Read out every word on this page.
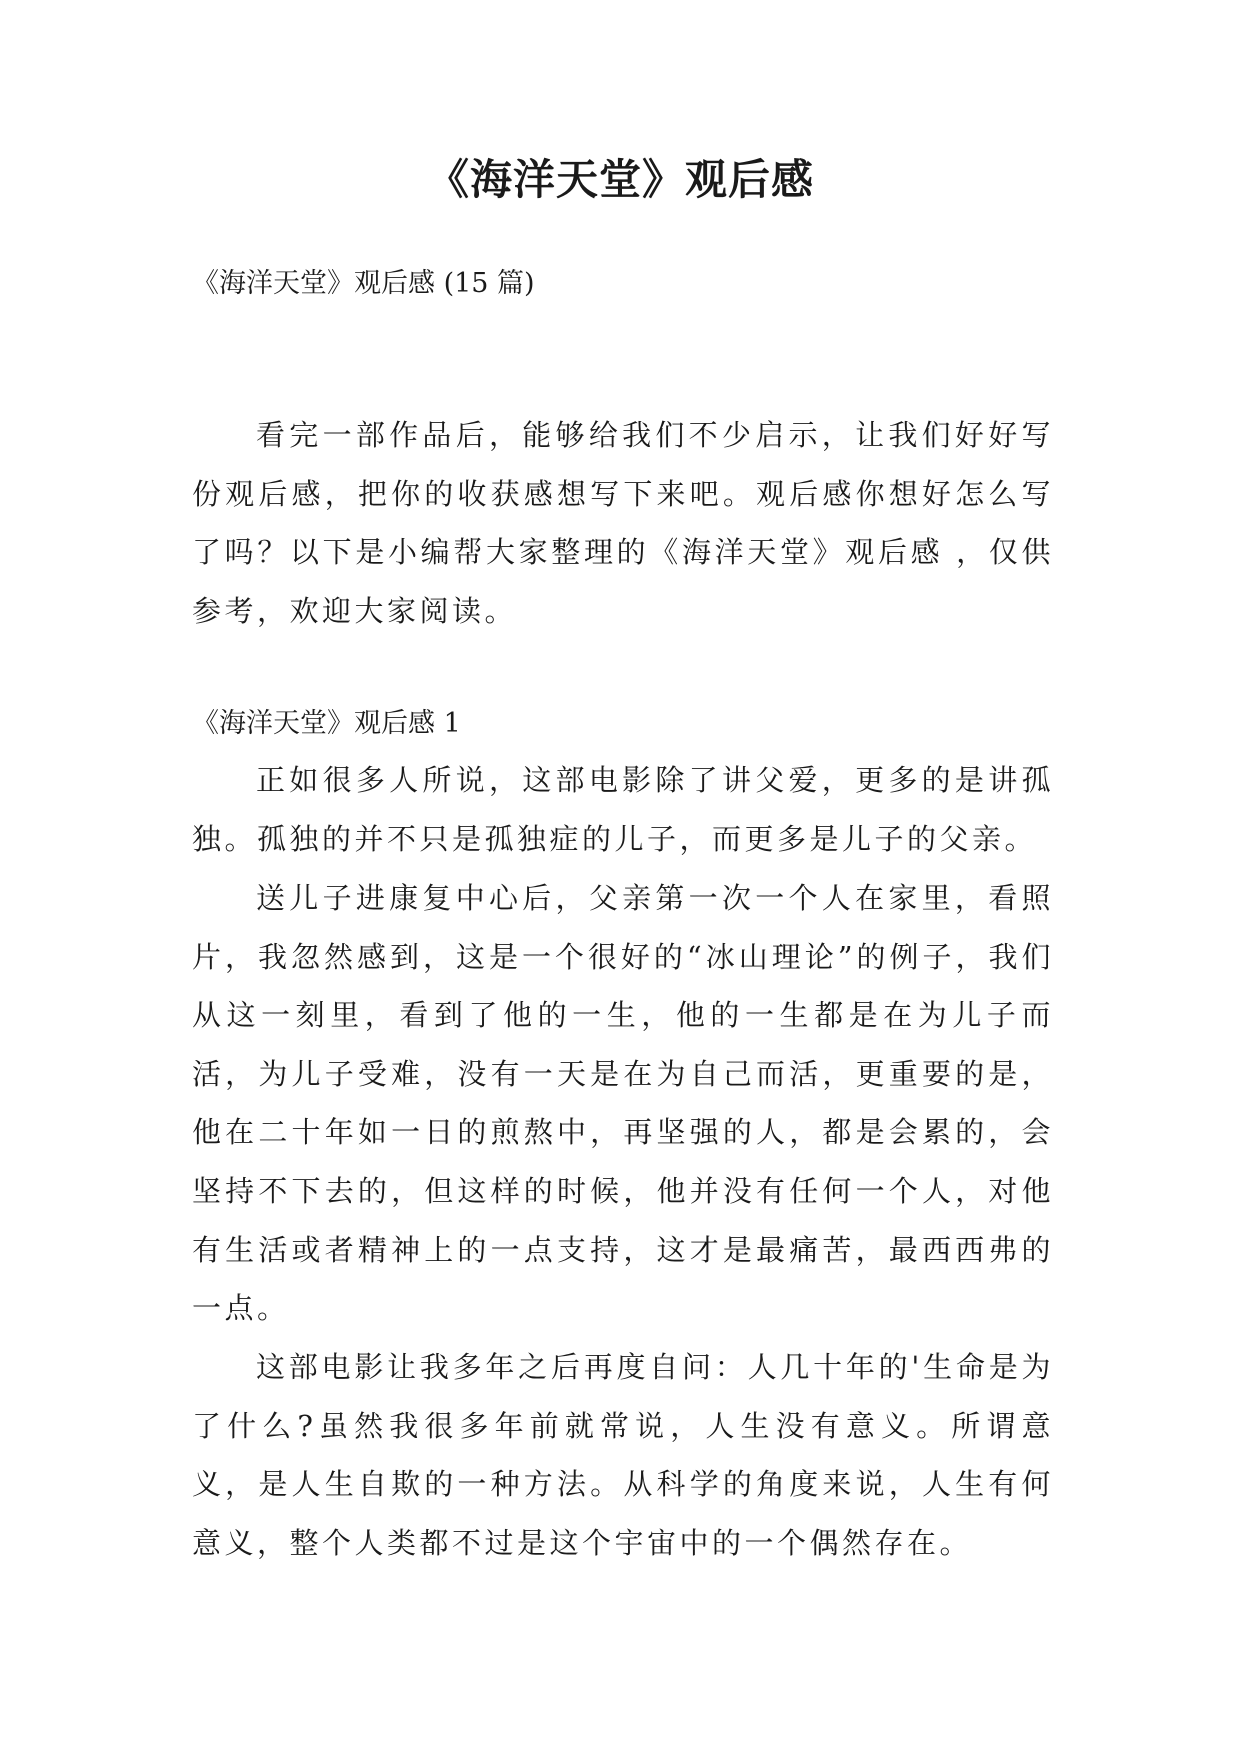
《海洋天堂》观后感
《海洋天堂》观后感 (15 篇)

看完一部作品后，能够给我们不少启示，让我们好好写份观后感，把你的收获感想写下来吧。观后感你想好怎么写了吗？以下是小编帮大家整理的《海洋天堂》观后感 ，仅供参考，欢迎大家阅读。

《海洋天堂》观后感 1

正如很多人所说，这部电影除了讲父爱，更多的是讲孤独。孤独的并不只是孤独症的儿子，而更多是儿子的父亲。

送儿子进康复中心后，父亲第一次一个人在家里，看照片，我忽然感到，这是一个很好的“冰山理论”的例子，我们从这一刻里，看到了他的一生，他的一生都是在为儿子而活，为儿子受难，没有一天是在为自己而活，更重要的是，他在二十年如一日的煎熬中，再坚强的人，都是会累的，会坚持不下去的，但这样的时候，他并没有任何一个人，对他有生活或者精神上的一点支持，这才是最痛苦，最西西弗的一点。

这部电影让我多年之后再度自问：人几十年的'生命是为了什么?虽然我很多年前就常说，人生没有意义。所谓意义，是人生自欺的一种方法。从科学的角度来说，人生有何意义，整个人类都不过是这个宇宙中的一个偶然存在。
